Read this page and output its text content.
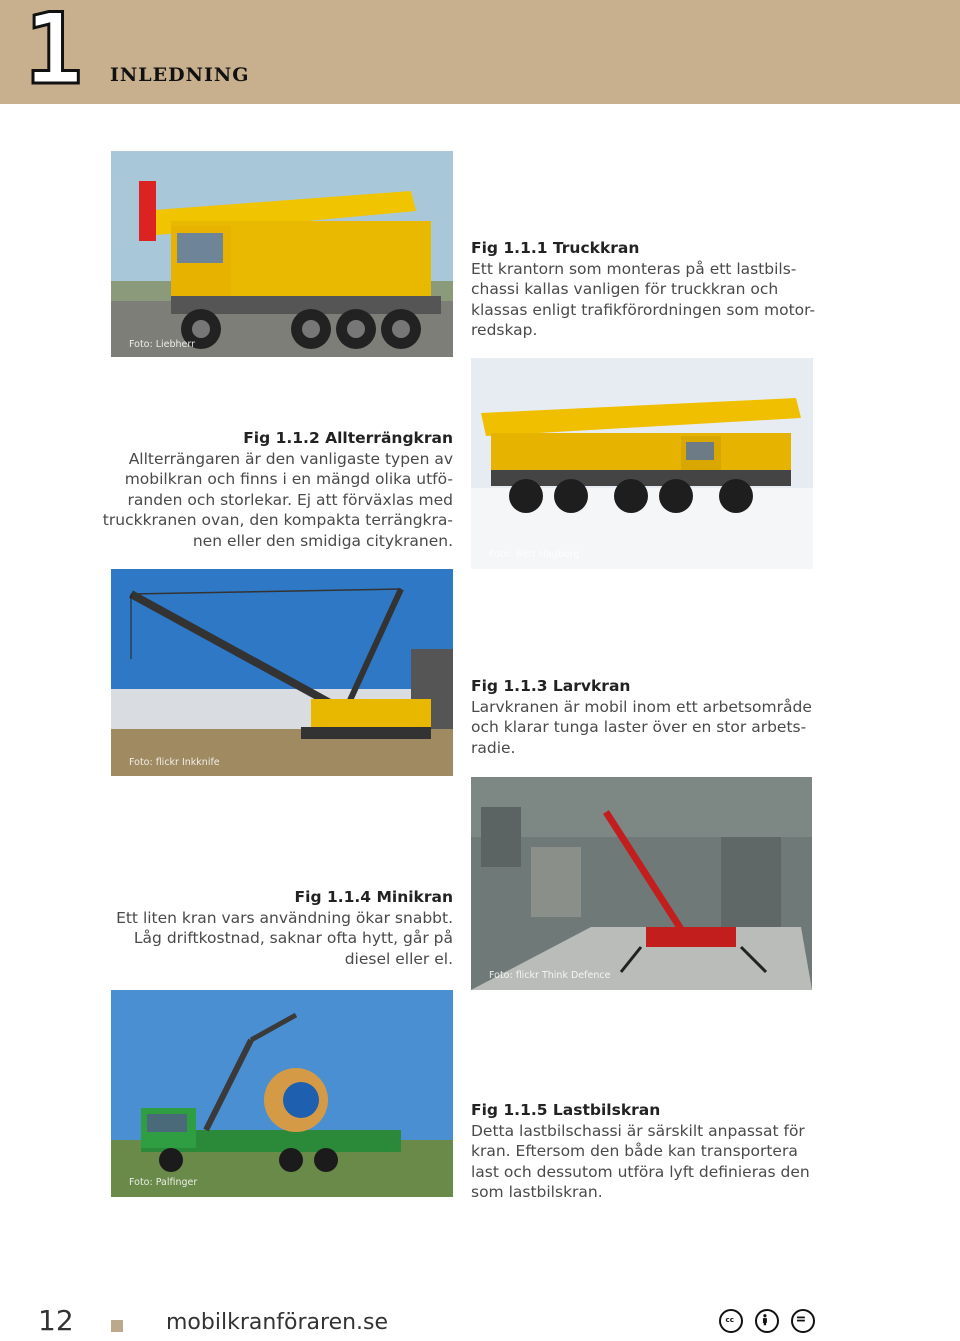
1 INLEDNING
Foto: Liebherr
Fig 1.1.1 Truckkran
Ett krantorn som monteras på ett lastbils-
chassi kallas vanligen för truckkran och
klassas enligt trafikförordningen som motor-
redskap.
Fig 1.1.2 Allterrängkran
Allterrängaren är den vanligaste typen av
mobilkran och finns i en mängd olika utfö-
randen och storlekar. Ej att förväxlas med
truckkranen ovan, den kompakta terrängkra-
nen eller den smidiga citykranen.
Foto: Bert Hagberg
Foto: flickr Inkknife
Fig 1.1.3 Larvkran
Larvkranen är mobil inom ett arbetsområde
och klarar tunga laster över en stor arbets-
radie.
Fig 1.1.4 Minikran
Ett liten kran vars användning ökar snabbt.
Låg driftkostnad, saknar ofta hytt, går på
diesel eller el.
Foto: flickr Think Defence
Foto: Palfinger
Fig 1.1.5 Lastbilskran
Detta lastbilschassi är särskilt anpassat för
kran. Eftersom den både kan transportera
last och dessutom utföra lyft definieras den
som lastbilskran.
12	mobilkranföraren.se	cc
